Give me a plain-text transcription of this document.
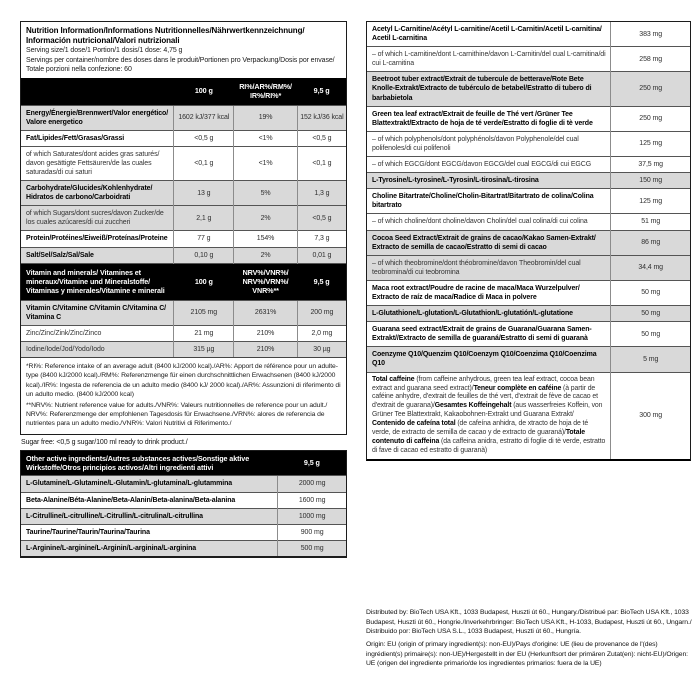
Nutrition Information/​Informations Nutritionnelles/​Nährwertkennzeichnung/​Información nutricional/​Valori nutrizionali
Serving size/​1 dose/​1 Portion/​1 dosis/​1 dose: 4,75 g
Servings per container/​nombre des doses dans le produit/​Portionen pro Verpackung/​Dosis por envase/​Totale porzioni nella confezione: 60
	100 g	RI%/​AR%/​RM%/​IR%/​RI%*	9,5 g
Energy/​Énergie/​Brennwert/​Valor energético/​Valore energetico	1602 kJ/​377 kcal	19%	152 kJ/​36 kcal
Fat/​Lipides/​Fett/​Grasas/​Grassi	<0,5 g	<1%	<0,5 g
of which Saturates/​dont acides gras saturés/​davon gesättigte Fettsäuren/​de las cuales saturadas/​di cui saturi	<0,1 g	<1%	<0,1 g
Carbohydrate/​Glucides/​Kohlenhydrate/​Hidratos de carbono/​Carboidrati	13 g	5%	1,3 g
of which Sugars/​dont sucres/​davon Zucker/​de los cuales azúcares/​di cui zuccheri	2,1 g	2%	<0,5 g
Protein/​Protéines/​Eiweiß/​Proteínas/​Proteine	77 g	154%	7,3 g
Salt/​Sel/​Salz/​Sal/​Sale	0,10 g	2%	0,01 g
Vitamin and minerals/​ Vitamines et mineraux/​Vitamine und Mineralstoffe/​Vitaminas y minerales/​Vitamine e minerali	100 g	NRV%/​VNR%/​NRV%/​VRN%/​VNR%**	9,5 g
Vitamin C/​Vitamine C/​Vitamin C/​Vitamina C/​Vitamina C	2105 mg	2631%	200 mg
Zinc/​Zinc/​Zink/​Zinc/​Zinco	21 mg	210%	2,0 mg
Iodine/​Iode/​Jod/​Yodo/​Iodo	315 µg	210%	30 µg

*RI%: Reference intake of an average adult (8400 kJ/​2000 kcal)./​AR%: Apport de référence pour un adulte-type (8400 kJ/​2000 kcal)./​RM%: Referenzmenge für einen durchschnittlichen Erwachsenen (8400 kJ/​2000 kcal)./​IR%: Ingesta de referencia de un adulto medio (8400 kJ/​ 2000 kcal)./​AR%: Assunzioni di riferimento di un adulto medio. (8400 kJ/​2000 kcal)

**NRV%: Nutrient reference value for adults./​VNR%: Valeurs nutritionnelles de reference pour un adult./​NRV%: Referenzmenge der empfohlenen Tagesdosis für Erwachsene./​VRN%: alores de referencia de nutrientes para un adulto medio./​VNR%: Valori Nutritivi di Riferimento./​

Sugar free: <0,5 g sugar/​100 ml ready to drink product./​
Other active ingredients/​Autres substances actives/​Sonstige aktive Wirkstoffe/​Otros principios activos/​Altri ingredienti attivi	9,5 g
L-Glutamine/​L-Glutamine/​L-Glutamin/​L-glutamina/​L-glutammina	2000 mg
Beta-Alanine/​Béta-Alanine/​Beta-Alanin/​Beta-alanina/​Beta-alanina	1600 mg
L-Citrulline/​L-citrulline/​L-Citrullin/​L-citrulina/​L-citrullina	1000 mg
Taurine/​Taurine/​Taurin/​Taurina/​Taurina	900 mg
L-Arginine/​L-arginine/​L-Arginin/​L-arginina/​L-arginina	500 mg
Acetyl L-Carnitine/​Acétyl L-carnitine/​Acetil L-Carnitin/​Acetil L-carnitina/​Acetil L-carnitina	383 mg
– of which L-carnitine/​dont L-carnithine/​davon L-Carnitin/​del cual L-carnitina/​di cui L-carnitina	258 mg
Beetroot tuber extract/​Extrait de tubercule de betterave/​Rote Bete Knolle-Extrakt/​Extracto de tubérculo de betabel/​Estratto di tubero di barbabietola	250 mg
Green tea leaf extract/​Extrait de feuille de Thé vert /​Grüner Tee Blattextrakt/​Extracto de hoja de té verde/​Estratto di foglie di tè verde	250 mg
– of which polyphenols/​dont polyphénols/​davon Polyphenole/​del cual polifenoles/​di cui polifenoli	125 mg
– of which EGCG/​dont EGCG/​davon EGCG/​del cual EGCG/​di cui EGCG	37,5 mg
L-Tyrosine/​L-tyrosine/​L-Tyrosin/​L-tirosina/​L-tirosina	150 mg
Choline Bitartrate/​Choline/​Cholin-Bitartrat/​Bitartrato de colina/​Colina bitartrato	125 mg
– of which choline/​dont choline/​davon Cholin/​del cual colina/​di cui colina	51 mg
Cocoa Seed Extract/​Extrait de grains de cacao/​Kakao Samen-Extrakt/​Extracto de semilla de cacao/​Estratto di semi di cacao	86 mg
– of which theobromine/​dont théobromine/​davon Theobromin/​del cual teobromina/​di cui teobromina	34,4 mg
Maca root extract/​Poudre de racine de maca/​Maca Wurzelpulver/​Extracto de raíz de maca/​Radice di Maca in polvere	50 mg
L-Glutathione/​L-glutation/​L-Glutathion/​L-glutatión/​L-glutatione	50 mg
Guarana seed extract/​Extrait de grains de Guarana/​Guarana Samen-Extrakt/​/​Extracto de semilla de guaraná/​Estratto di semi di guaranà	50 mg
Coenzyme Q10/​Quenzim Q10/​Coenzym Q10/​Coenzima Q10/​Coenzima Q10	5 mg
Total caffeine (from caffeine anhydrous, green tea leaf extract, cocoa bean extract and guarana seed extract)/​Teneur complète en caféine (à partir de caféine anhydre, d'extrait de feuilles de thé vert, d'extrait de fève de cacao et d'extrait de guarana)/​Gesamtes Koffeingehalt (aus wasserfreies Koffein, von Grüner Tee Blattextrakt, Kakaobohnen-Extrakt und Guarana Extrakt/​Contenido de cafeína total (de cafeína anhidra, de xtracto de hoja de té verde, de extracto de semilla de cacao y de extracto de guaraná)/​Totale contenuto di caffeina (da caffeina anidra, estratto di foglie di tè verde, estratto di fave di cacao ed estratto di guaranà)	300 mg

Distributed by: BioTech USA Kft., 1033 Budapest, Huszti út 60., Hungary./​Distribué par: BioTech USA Kft., 1033 Budapest, Huszti út 60., Hongrie./​Inverkehrbringer: BioTech USA Kft., H-1033, Budapest, Huszti út 60., Ungarn./​Distribuido por: BioTech USA S.L., 1033 Budapest, Huszti út 60., Hungría.

Origin: EU (origin of primary ingredient(s): non-EU)/​Pays d'origine: UE (lieu de provenance de l'(des) ingrédient(s) primaire(s): non-UE)/​Hergestellt in der EU (Herkunftsort der primären Zutat(en): nicht-EU)/​Origen: UE (origen del ingrediente primario/​de los ingredientes primarios: fuera de la UE)
